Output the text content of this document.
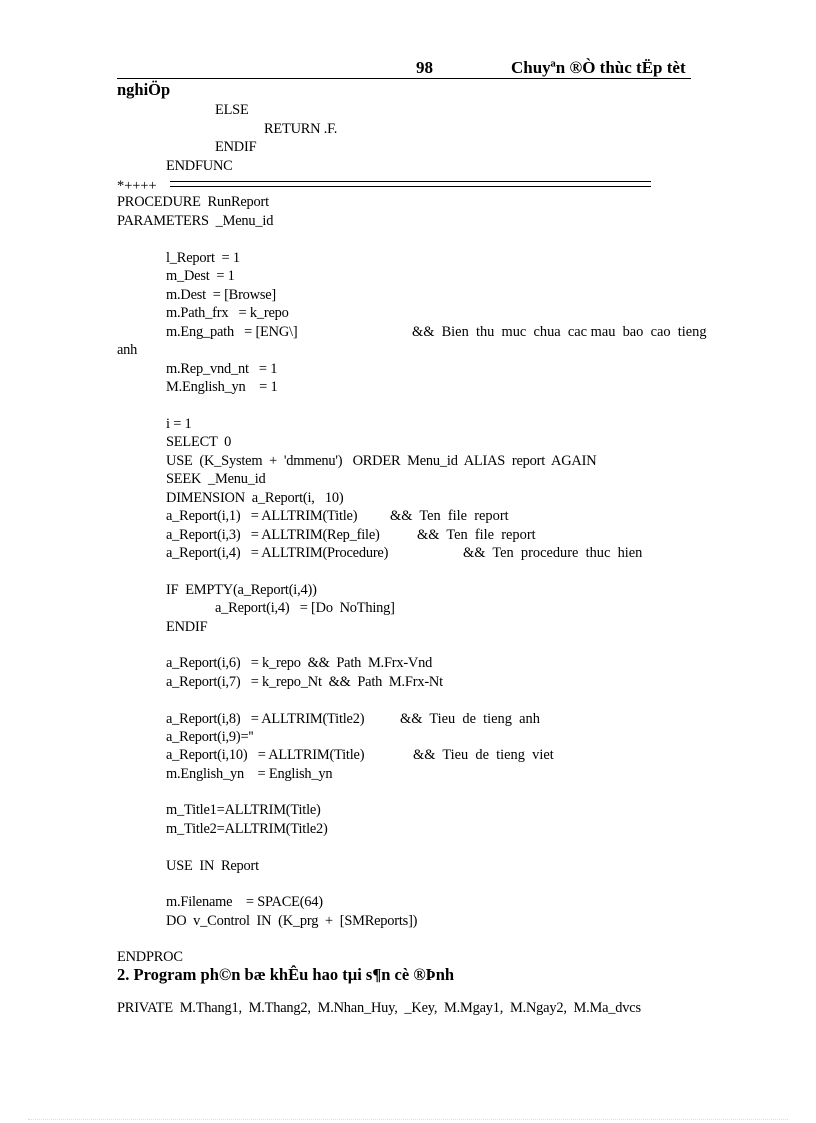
98	Chuyªn ®Ò thùc tËp tèt
nghiÖp
ELSE
RETURN .F.
ENDIF
ENDFUNC
*++++
PROCEDURE  RunReport
PARAMETERS  _Menu_id
l_Report  = 1
m_Dest  = 1
m.Dest  = [Browse]
m.Path_frx   = k_repo
m.Eng_path   = [ENG\]	&&  Bien  thu  muc  chua  cac mau  bao  cao  tieng
anh
m.Rep_vnd_nt   = 1
M.English_yn    = 1
i = 1
SELECT  0
USE  (K_System  +  'dmmenu')   ORDER  Menu_id  ALIAS  report  AGAIN
SEEK  _Menu_id
DIMENSION  a_Report(i,   10)
a_Report(i,1)   = ALLTRIM(Title) &&  Ten  file  report
a_Report(i,3)   = ALLTRIM(Rep_file)	&&  Ten  file  report
a_Report(i,4)   = ALLTRIM(Procedure)	&&  Ten  procedure  thuc  hien
IF  EMPTY(a_Report(i,4))
a_Report(i,4)   = [Do  NoThing]
ENDIF
a_Report(i,6)   = k_repo  &&  Path  M.Frx-Vnd
a_Report(i,7)   = k_repo_Nt  &&  Path  M.Frx-Nt
a_Report(i,8)   = ALLTRIM(Title2) &&  Tieu  de  tieng  anh
a_Report(i,9)=''
a_Report(i,10)   = ALLTRIM(Title)	&&  Tieu  de  tieng  viet
m.English_yn    = English_yn
m_Title1=ALLTRIM(Title)
m_Title2=ALLTRIM(Title2)
USE  IN  Report
m.Filename    = SPACE(64)
DO  v_Control  IN  (K_prg  +  [SMReports])
ENDPROC
2. Program ph©n bæ khÊu hao tµi s¶n cè ®Þnh
PRIVATE  M.Thang1,  M.Thang2,  M.Nhan_Huy,  _Key,  M.Mgay1,  M.Ngay2,  M.Ma_dvcs
